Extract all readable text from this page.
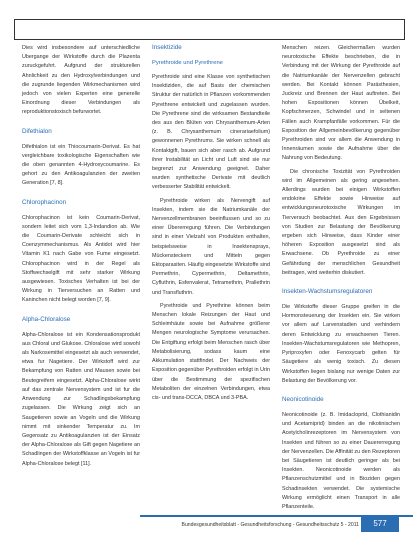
Dies wird insbesondere auf unterschiedliche Ubergange der Wirkstoffe durch die Plazenta zuruckgefuhrt. Aufgrund der strukturellen Ahnlichkeit zu den Hydroxylverbindungen und die zugrunde liegenden Wirkmechanismen wird jedoch von vielen Experten eine generelle Einordnung dieser Verbindungen als reproduktionstoxisch befurwortet.

Difethialon

Difethialon ist ein Thiocoumarin-Derivat. Es hat vergleichbare toxikologische Eigenschaften wie die oben genannten 4-Hydroxycoumarine. Es gehort zu den Antikoagulanzien der zweiten Generation [7, 8].

Chlorophacinon

Chlorophacinon ist kein Coumarin-Derivat, sondern leitet sich vom 1,3-Indandion ab. Wie die Coumarin-Derivate schleicht sich in Coenzymmechanismus. Als Antidot wird hier Vitamin K1 nach Gabe von Fume eingesetzt. Chlorophacinon wird in der Regel als Stoffwechselgift mit sehr starker Wirkung ausgewiesen. Toxisches Verhalten ist bei der Wirkung in Tierversuchen an Ratten und Kaninchen nicht belegt worden [7, 9].

Alpha-Chloralose

Alpha-Chloralose ist ein Kondensationsprodukt aus Chloral und Glukose. Chloralose wird sowohl als Narkosemittel eingesetzt als auch verwendet, etwa fur Nagetiere. Der Wirkstoff wird zur Bekampfung von Ratten und Mausen sowie bei Beutegreifern eingesetzt. Alpha-Chloralose wirkt auf das zentrale Nervensystem und ist fur die Anwendung zur Schadlingsbekampfung zugelassen. Die Wirkung zeigt sich an Saugetieren sowie an Vogeln und die Wirkung nimmt mit sinkender Temperatur zu. Im Gegensatz zu Antikoagulanzien ist der Einsatz der Alpha-Chloralose als Gift gegen Nagetiere an Schadlingen der Wirkstoffklasse an Vogeln ist fur Alpha-Chloralose belegt [11].

Insektizide
Pyrethroide und Pyrethrene

Pyrethroide sind eine Klasse von synthetischen Insektiziden, die auf Basis der chemischen Struktur der natürlich in Pflanzen vorkommenden Pyrethrene entwickelt und zugelassen wurden. Die Pyrethrene sind die wirksamen Bestandteile des aus den Blüten von Chrysanthemum-Arten (z. B. Chrysanthemum cinerariaefolium) gewonnenen Pyrethrums. Sie wirken schnell als Kontaktgift, bauen sich aber rasch ab. Aufgrund ihrer Instabilität an Licht und Luft sind sie nur begrenzt zur Anwendung geeignet. Daher wurden synthetische Derivate mit deutlich verbesserter Stabilität entwickelt.

Pyrethroide wirken als Nervengift auf Insekten, indem sie die Natriumkanäle der Nervenzellmembranen beeinflussen und so zu einer Übererregung führen. Die Verbindungen sind in einer Vielzahl von Produkten enthalten, beispielsweise in Insektensprays, Mückensteckern und Mitteln gegen Ektoparasiten. Häufig eingesetzte Wirkstoffe sind Permethrin, Cypermethrin, Deltamethrin, Cyfluthrin, Esfenvalerat, Tetramethrin, Prallethrin und Transfluthrin.

Pyrethroide und Pyrethrine können beim Menschen lokale Reizungen der Haut und Schleimhäute sowie bei Aufnahme größerer Mengen neurologische Symptome verursachen. Die Entgiftung erfolgt beim Menschen rasch über Metabolisierung, sodass kaum eine Akkumulation stattfindet. Der Nachweis der Exposition gegenüber Pyrethroiden erfolgt in Urin über die Bestimmung der spezifischen Metaboliten der einzelnen Verbindungen, etwa cis- und trans-DCCA, DBCA und 3-PBA.

Menschen reizen. Gleichermaßen wurden neurotoxische Effekte beschrieben, die in Verbindung mit der Wirkung der Pyrethroide auf die Natriumkanäle der Nervenzellen gebracht werden. Bei Kontakt können Parästhesien, Juckreiz und Brennen der Haut auftreten. Bei hohen Expositionen können Übelkeit, Kopfschmerzen, Schwindel und in seltenen Fällen auch Krampfanfälle vorkommen. Für die Exposition der Allgemeinbevölkerung gegenüber Pyrethroiden sind vor allem die Anwendung in Innenräumen sowie die Aufnahme über die Nahrung von Bedeutung.

Die chronische Toxizität von Pyrethroiden wird im Allgemeinen als gering angesehen. Allerdings wurden bei einigen Wirkstoffen endokrine Effekte sowie Hinweise auf entwicklungsneurotoxische Wirkungen im Tierversuch beobachtet. Aus den Ergebnissen von Studien zur Belastung der Bevölkerung ergeben sich Hinweise, dass Kinder einer höheren Exposition ausgesetzt sind als Erwachsene. Ob Pyrethroide zu einer Gefährdung der menschlichen Gesundheit beitragen, wird weiterhin diskutiert.

Insekten-Wachstumsregulatoren

Die Wirkstoffe dieser Gruppe greifen in die Hormonsteuerung der Insekten ein. Sie wirken vor allem auf Larvenstadien und verhindern deren Entwicklung zu erwachsenen Tieren. Insekten-Wachstumsregulatoren wie Methopren, Pyriproxyfen oder Fenoxycarb gelten für Säugetiere als wenig toxisch. Zu diesen Wirkstoffen liegen bislang nur wenige Daten zur Belastung der Bevölkerung vor.

Neonicotinoide

Neonicotinoide (z. B. Imidacloprid, Clothianidin und Acetamiprid) binden an die nikotinischen Acetylcholinrezeptoren im Nervensystem von Insekten und führen so zu einer Dauererregung der Nervenzellen. Die Affinität zu den Rezeptoren bei Säugetieren ist deutlich geringer als bei Insekten. Neonicotinoide werden als Pflanzenschutzmittel und in Bioziden gegen Schadinsekten verwendet. Die systemische Wirkung ermöglicht einen Transport in alle Pflanzenteile.

Bundesgesundheitsblatt - Gesundheitsforschung - Gesundheitsschutz 5 - 2011	577
